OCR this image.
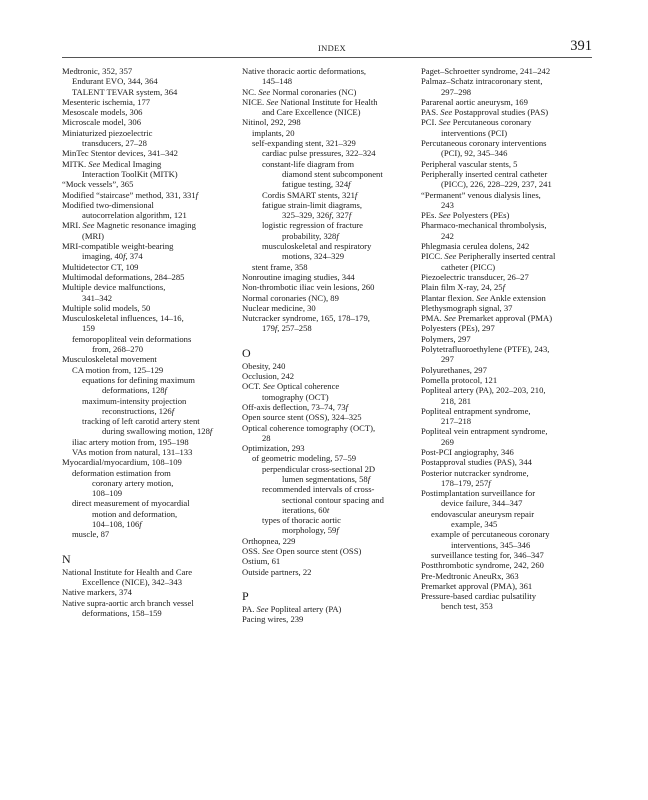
INDEX	391
Medtronic, 352, 357
Endurant EVO, 344, 364
TALENT TEVAR system, 364
Mesenteric ischemia, 177
Mesoscale models, 306
Microscale model, 306
Miniaturized piezoelectric
transducers, 27–28
MinTec Stentor devices, 341–342
MITK. See Medical Imaging
Interaction ToolKit (MITK)
“Mock vessels”, 365
Modified “staircase” method, 331, 331f
Modified two-dimensional
autocorrelation algorithm, 121
MRI. See Magnetic resonance imaging
(MRI)
MRI-compatible weight-bearing
imaging, 40f, 374
Multidetector CT, 109
Multimodal deformations, 284–285
Multiple device malfunctions,
341–342
Multiple solid models, 50
Musculoskeletal influences, 14–16,
159
femoropopliteal vein deformations
from, 268–270
Musculoskeletal movement
CA motion from, 125–129
equations for defining maximum
deformations, 128f
maximum-intensity projection
reconstructions, 126f
tracking of left carotid artery stent
during swallowing motion, 128f
iliac artery motion from, 195–198
VAs motion from natural, 131–133
Myocardial/myocardium, 108–109
deformation estimation from
coronary artery motion,
108–109
direct measurement of myocardial
motion and deformation,
104–108, 106f
muscle, 87
N
National Institute for Health and Care
Excellence (NICE), 342–343
Native markers, 374
Native supra-aortic arch branch vessel
deformations, 158–159
Native thoracic aortic deformations,
145–148
NC. See Normal coronaries (NC)
NICE. See National Institute for Health
and Care Excellence (NICE)
Nitinol, 292, 298
implants, 20
self-expanding stent, 321–329
cardiac pulse pressures, 322–324
constant-life diagram from
diamond stent subcomponent
fatigue testing, 324f
Cordis SMART stents, 321f
fatigue strain-limit diagrams,
325–329, 326f, 327f
logistic regression of fracture
probability, 328f
musculoskeletal and respiratory
motions, 324–329
stent frame, 358
Nonroutine imaging studies, 344
Non-thrombotic iliac vein lesions, 260
Normal coronaries (NC), 89
Nuclear medicine, 30
Nutcracker syndrome, 165, 178–179,
179f, 257–258
O
Obesity, 240
Occlusion, 242
OCT. See Optical coherence
tomography (OCT)
Off-axis deflection, 73–74, 73f
Open source stent (OSS), 324–325
Optical coherence tomography (OCT),
28
Optimization, 293
of geometric modeling, 57–59
perpendicular cross-sectional 2D
lumen segmentations, 58f
recommended intervals of cross-
sectional contour spacing and
iterations, 60t
types of thoracic aortic
morphology, 59f
Orthopnea, 229
OSS. See Open source stent (OSS)
Ostium, 61
Outside partners, 22
P
PA. See Popliteal artery (PA)
Pacing wires, 239
Paget–Schroetter syndrome, 241–242
Palmaz–Schatz intracoronary stent,
297–298
Pararenal aortic aneurysm, 169
PAS. See Postapproval studies (PAS)
PCI. See Percutaneous coronary
interventions (PCI)
Percutaneous coronary interventions
(PCI), 92, 345–346
Peripheral vascular stents, 5
Peripherally inserted central catheter
(PICC), 226, 228–229, 237, 241
“Permanent” venous dialysis lines,
243
PEs. See Polyesters (PEs)
Pharmaco-mechanical thrombolysis,
242
Phlegmasia cerulea dolens, 242
PICC. See Peripherally inserted central
catheter (PICC)
Piezoelectric transducer, 26–27
Plain film X-ray, 24, 25f
Plantar flexion. See Ankle extension
Plethysmograph signal, 37
PMA. See Premarket approval (PMA)
Polyesters (PEs), 297
Polymers, 297
Polytetrafluoroethylene (PTFE), 243,
297
Polyurethanes, 297
Pomella protocol, 121
Popliteal artery (PA), 202–203, 210,
218, 281
Popliteal entrapment syndrome,
217–218
Popliteal vein entrapment syndrome,
269
Post-PCI angiography, 346
Postapproval studies (PAS), 344
Posterior nutcracker syndrome,
178–179, 257f
Postimplantation surveillance for
device failure, 344–347
endovascular aneurysm repair
example, 345
example of percutaneous coronary
interventions, 345–346
surveillance testing for, 346–347
Postthrombotic syndrome, 242, 260
Pre-Medtronic AneuRx, 363
Premarket approval (PMA), 361
Pressure-based cardiac pulsatility
bench test, 353
